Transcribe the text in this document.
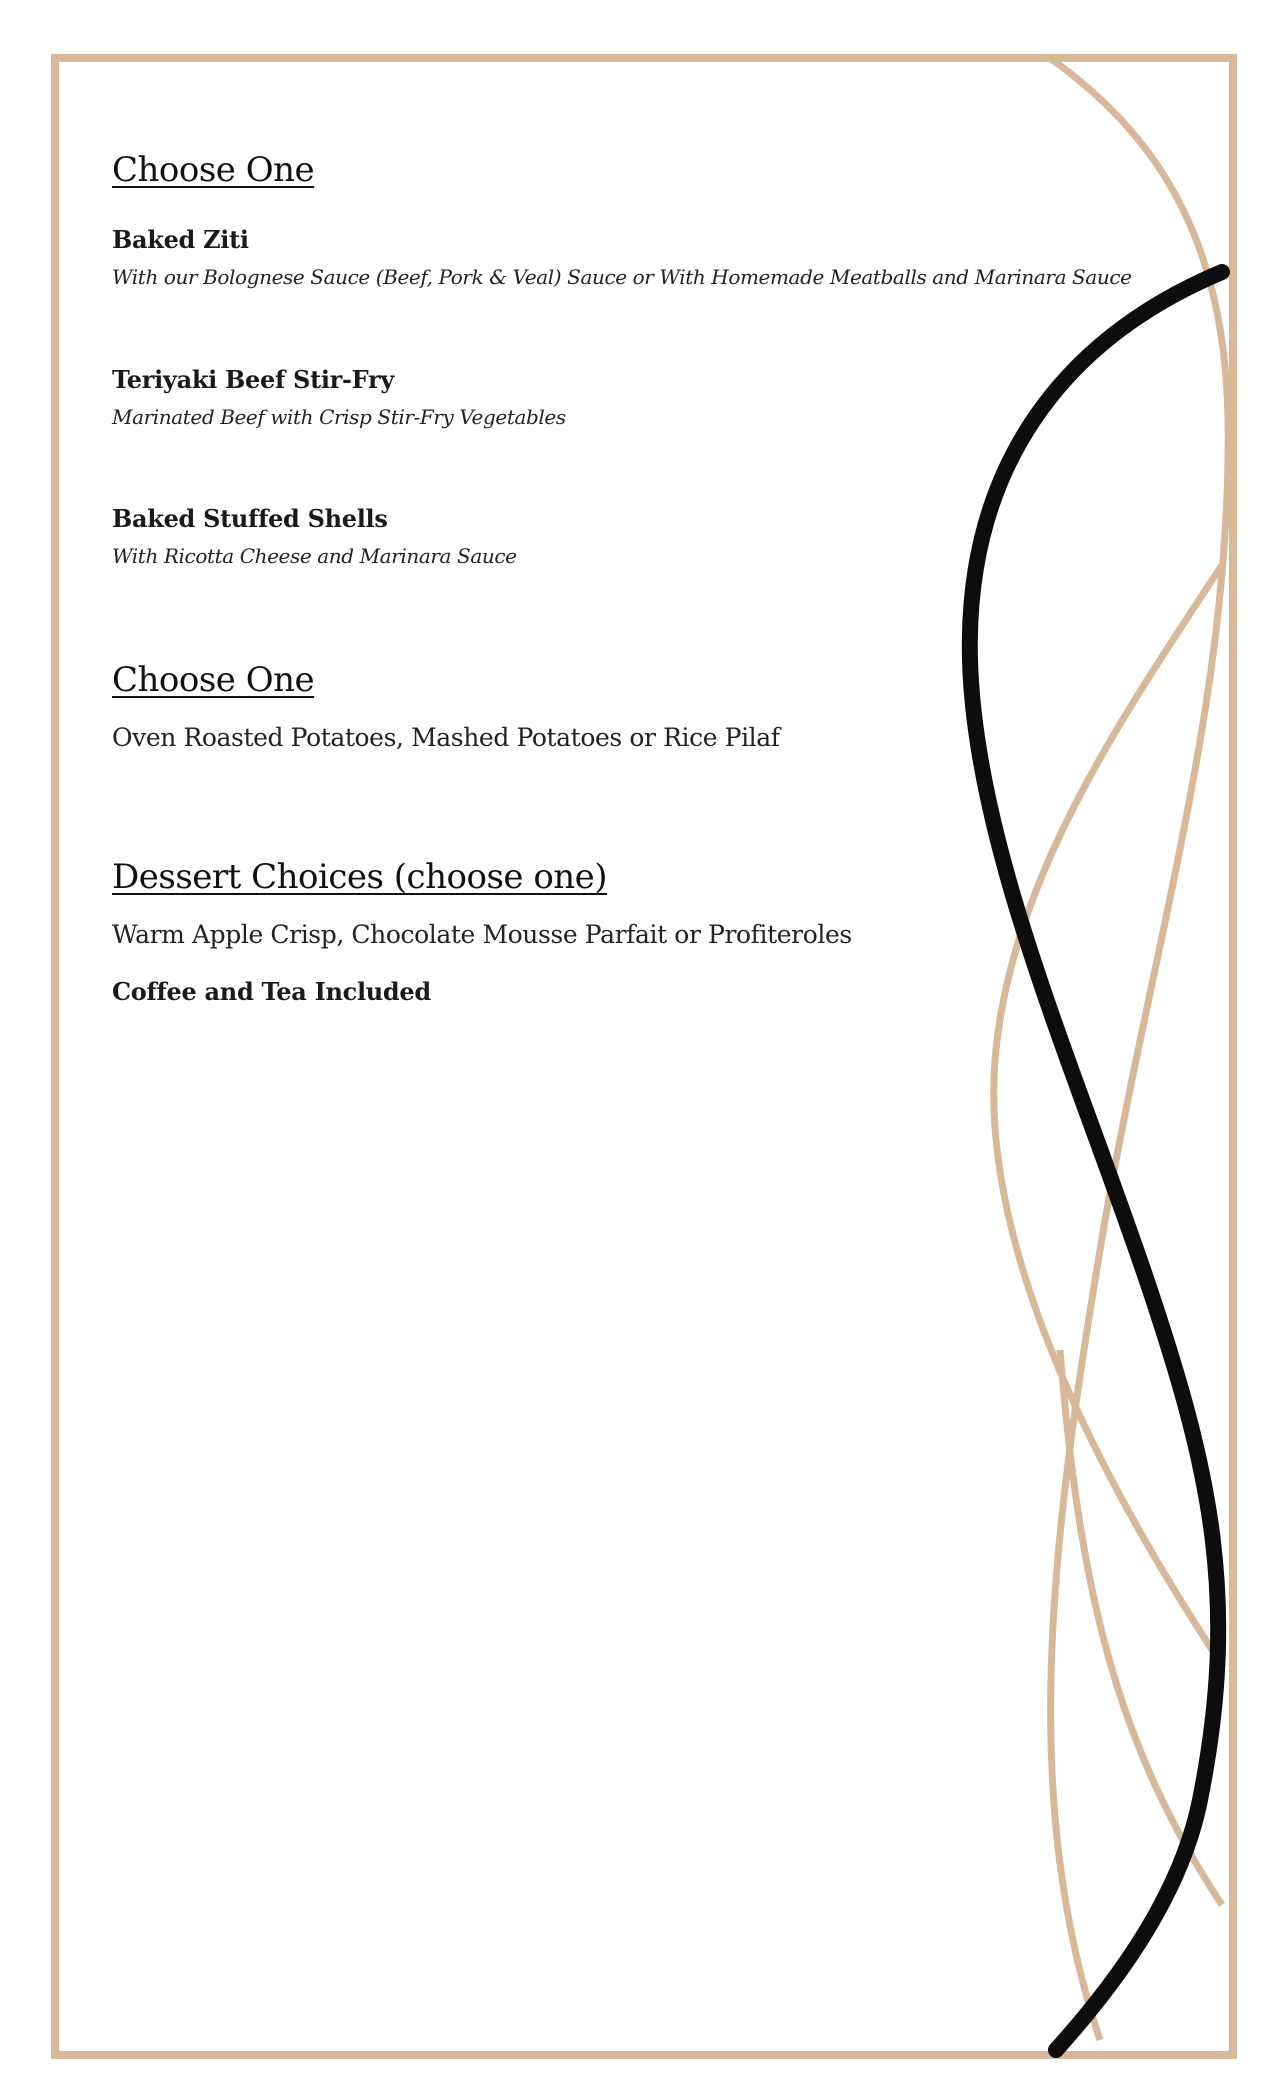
Choose One

Baked Ziti

With our Bolognese Sauce (Beef, Pork & Veal) Sauce or With Homemade Meatballs and Marinara Sauce

Teriyaki Beef Stir-Fry

Marinated Beef with Crisp Stir-Fry Vegetables

Baked Stuffed Shells

With Ricotta Cheese and Marinara Sauce

Choose One

Oven Roasted Potatoes, Mashed Potatoes or Rice Pilaf

Dessert Choices (choose one)

Warm Apple Crisp, Chocolate Mousse Parfait or Profiteroles

Coffee and Tea Included
